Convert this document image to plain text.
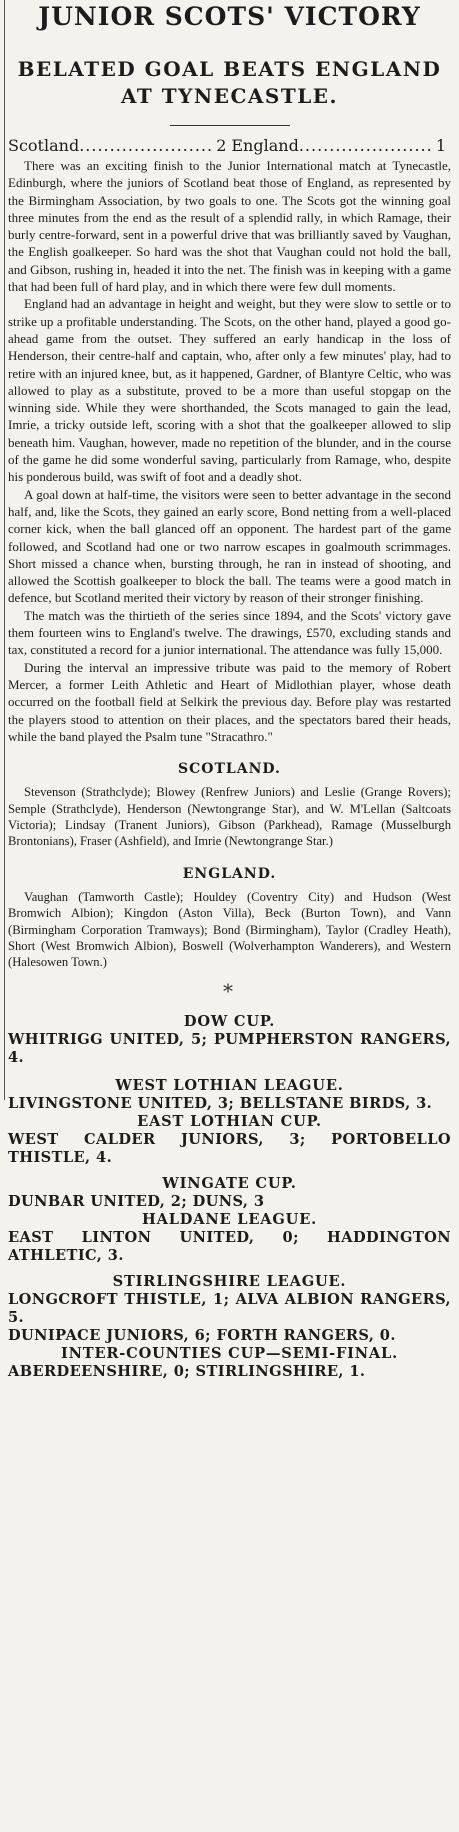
JUNIOR SCOTS' VICTORY
BELATED GOAL BEATS ENGLAND
AT TYNECASTLE.
Scotland .....	2 England .....	1

There was an exciting finish to the Junior International match at Tynecastle, Edinburgh, where the juniors of Scotland beat those of England, as represented by the Birmingham Association, by two goals to one. The Scots got the winning goal three minutes from the end as the result of a splendid rally, in which Ramage, their burly centre-forward, sent in a powerful drive that was brilliantly saved by Vaughan, the English goalkeeper. So hard was the shot that Vaughan could not hold the ball, and Gibson, rushing in, headed it into the net. The finish was in keeping with a game that had been full of hard play, and in which there were few dull moments.

England had an advantage in height and weight, but they were slow to settle or to strike up a profitable understanding. The Scots, on the other hand, played a good go-ahead game from the outset. They suffered an early handicap in the loss of Henderson, their centre-half and captain, who, after only a few minutes' play, had to retire with an injured knee, but, as it happened, Gardner, of Blantyre Celtic, who was allowed to play as a substitute, proved to be a more than useful stopgap on the winning side. While they were shorthanded, the Scots managed to gain the lead, Imrie, a tricky outside left, scoring with a shot that the goalkeeper allowed to slip beneath him. Vaughan, however, made no repetition of the blunder, and in the course of the game he did some wonderful saving, particularly from Ramage, who, despite his ponderous build, was swift of foot and a deadly shot.

A goal down at half-time, the visitors were seen to better advantage in the second half, and, like the Scots, they gained an early score, Bond netting from a well-placed corner kick, when the ball glanced off an opponent. The hardest part of the game followed, and Scotland had one or two narrow escapes in goalmouth scrimmages. Short missed a chance when, bursting through, he ran in instead of shooting, and allowed the Scottish goalkeeper to block the ball. The teams were a good match in defence, but Scotland merited their victory by reason of their stronger finishing.

The match was the thirtieth of the series since 1894, and the Scots' victory gave them fourteen wins to England's twelve. The drawings, £570, excluding stands and tax, constituted a record for a junior international. The attendance was fully 15,000.

During the interval an impressive tribute was paid to the memory of Robert Mercer, a former Leith Athletic and Heart of Midlothian player, whose death occurred on the football field at Selkirk the previous day. Before play was restarted the players stood to attention on their places, and the spectators bared their heads, while the band played the Psalm tune "Stracathro."

SCOTLAND.

Stevenson (Strathclyde); Blowey (Renfrew Juniors) and Leslie (Grange Rovers); Semple (Strathclyde), Henderson (Newtongrange Star), and W. M'Lellan (Saltcoats Victoria); Lindsay (Tranent Juniors), Gibson (Parkhead), Ramage (Musselburgh Brontonians), Fraser (Ashfield), and Imrie (Newtongrange Star.)

ENGLAND.

Vaughan (Tamworth Castle); Houldey (Coventry City) and Hudson (West Bromwich Albion); Kingdon (Aston Villa), Beck (Burton Town), and Vann (Birmingham Corporation Tramways); Bond (Birmingham), Taylor (Cradley Heath), Short (West Bromwich Albion), Boswell (Wolverhampton Wanderers), and Western (Halesowen Town.)

*
DOW CUP.

WHITRIGG UNITED, 5; PUMPHERSTON RANGERS, 4.

WEST LOTHIAN LEAGUE.

LIVINGSTONE UNITED, 3; BELLSTANE BIRDS, 3.

EAST LOTHIAN CUP.

WEST CALDER JUNIORS, 3; PORTOBELLO THISTLE, 4.

WINGATE CUP.

DUNBAR UNITED, 2; DUNS, 3

HALDANE LEAGUE.

EAST LINTON UNITED, 0; HADDINGTON ATHLETIC, 3.

STIRLINGSHIRE LEAGUE.

LONGCROFT THISTLE, 1; ALVA ALBION RANGERS, 5.

DUNIPACE JUNIORS, 6; FORTH RANGERS, 0.

INTER-COUNTIES CUP—SEMI-FINAL.

ABERDEENSHIRE, 0; STIRLINGSHIRE, 1.
